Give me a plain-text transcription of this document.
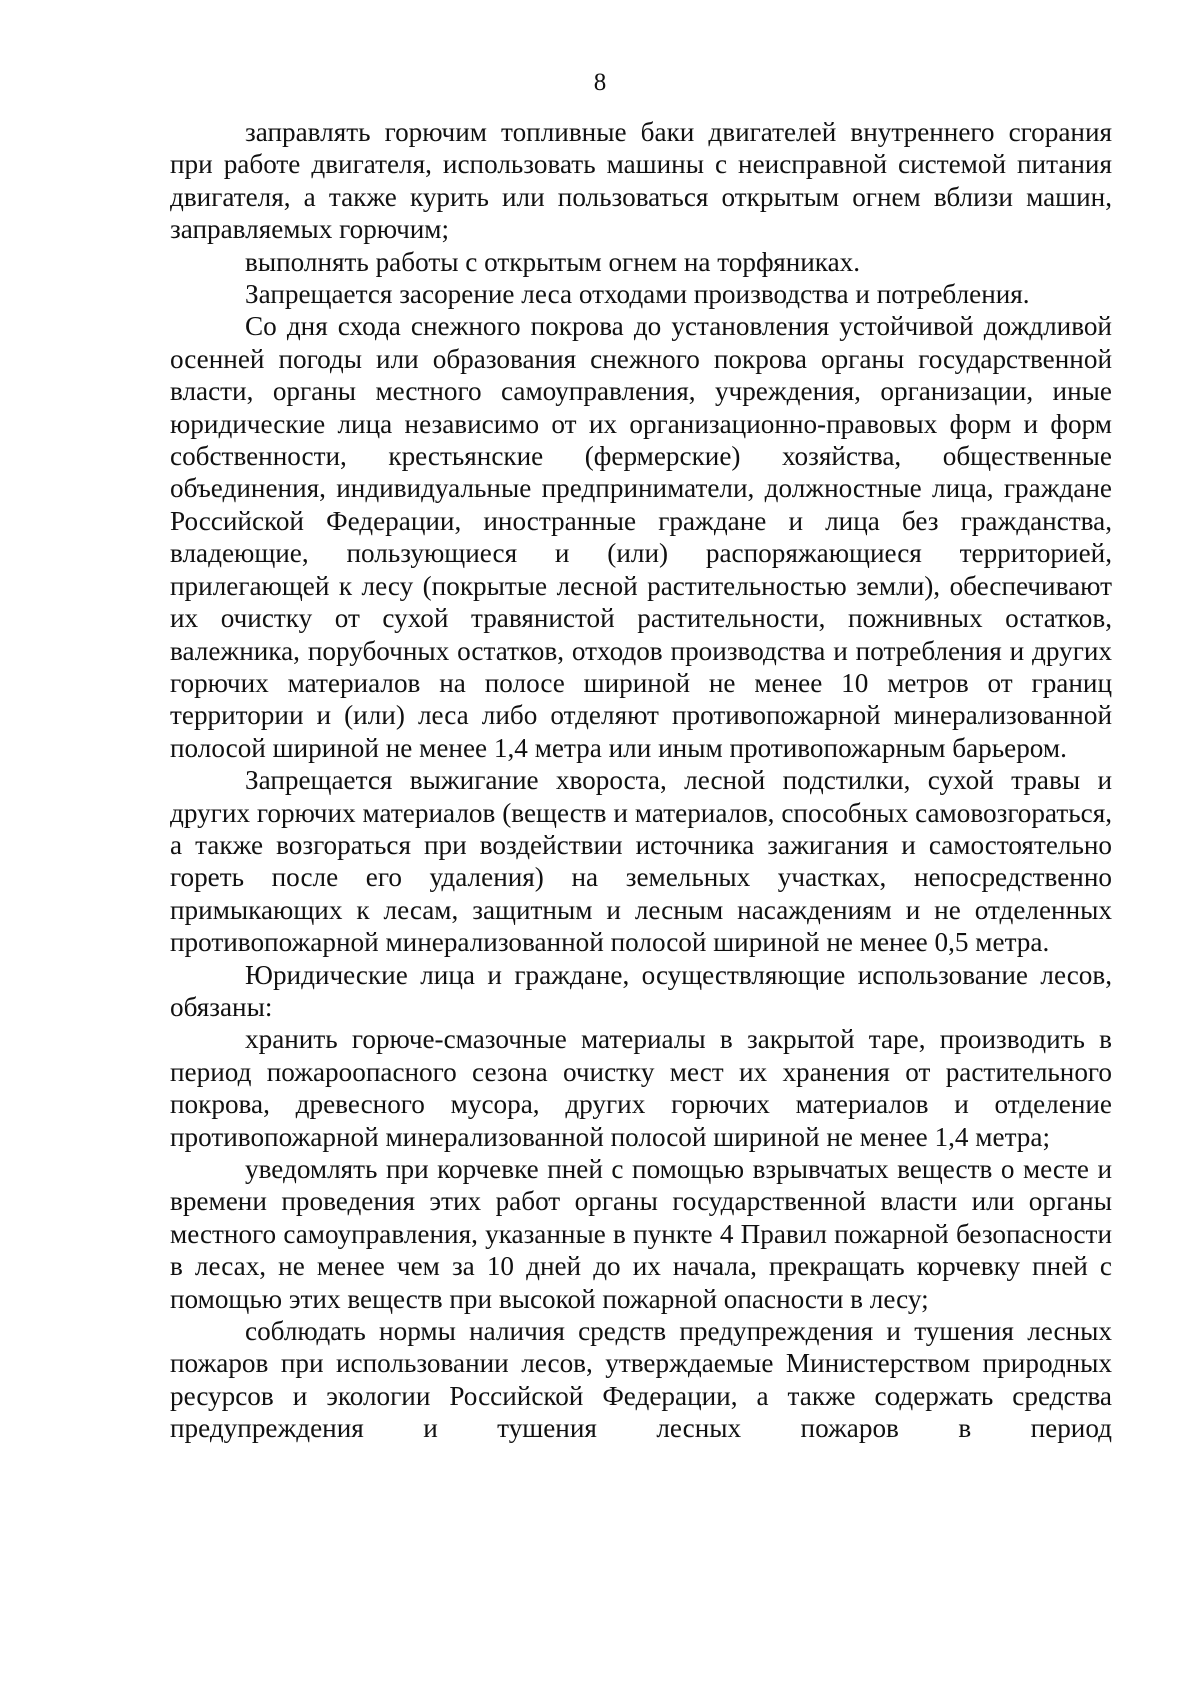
8

заправлять горючим топливные баки двигателей внутреннего сгорания при работе двигателя, использовать машины с неисправной системой питания двигателя, а также курить или пользоваться открытым огнем вблизи машин, заправляемых горючим;

выполнять работы с открытым огнем на торфяниках.

Запрещается засорение леса отходами производства и потребления.

Со дня схода снежного покрова до установления устойчивой дождливой осенней погоды или образования снежного покрова органы государственной власти, органы местного самоуправления, учреждения, организации, иные юридические лица независимо от их организационно-правовых форм и форм собственности, крестьянские (фермерские) хозяйства, общественные объединения, индивидуальные предприниматели, должностные лица, граждане Российской Федерации, иностранные граждане и лица без гражданства, владеющие, пользующиеся и (или) распоряжающиеся территорией, прилегающей к лесу (покрытые лесной растительностью земли), обеспечивают их очистку от сухой травянистой растительности, пожнивных остатков, валежника, порубочных остатков, отходов производства и потребления и других горючих материалов на полосе шириной не менее 10 метров от границ территории и (или) леса либо отделяют противопожарной минерализованной полосой шириной не менее 1,4 метра или иным противопожарным барьером.

Запрещается выжигание хвороста, лесной подстилки, сухой травы и других горючих материалов (веществ и материалов, способных самовозгораться, а также возгораться при воздействии источника зажигания и самостоятельно гореть после его удаления) на земельных участках, непосредственно примыкающих к лесам, защитным и лесным насаждениям и не отделенных противопожарной минерализованной полосой шириной не менее 0,5 метра.

Юридические лица и граждане, осуществляющие использование лесов, обязаны:

хранить горюче-смазочные материалы в закрытой таре, производить в период пожароопасного сезона очистку мест их хранения от растительного покрова, древесного мусора, других горючих материалов и отделение противопожарной минерализованной полосой шириной не менее 1,4 метра;

уведомлять при корчевке пней с помощью взрывчатых веществ о месте и времени проведения этих работ органы государственной власти или органы местного самоуправления, указанные в пункте 4 Правил пожарной безопасности в лесах, не менее чем за 10 дней до их начала, прекращать корчевку пней с помощью этих веществ при высокой пожарной опасности в лесу;

соблюдать нормы наличия средств предупреждения и тушения лесных пожаров при использовании лесов, утверждаемые Министерством природных ресурсов и экологии Российской Федерации, а также содержать средства предупреждения и тушения лесных пожаров в период
